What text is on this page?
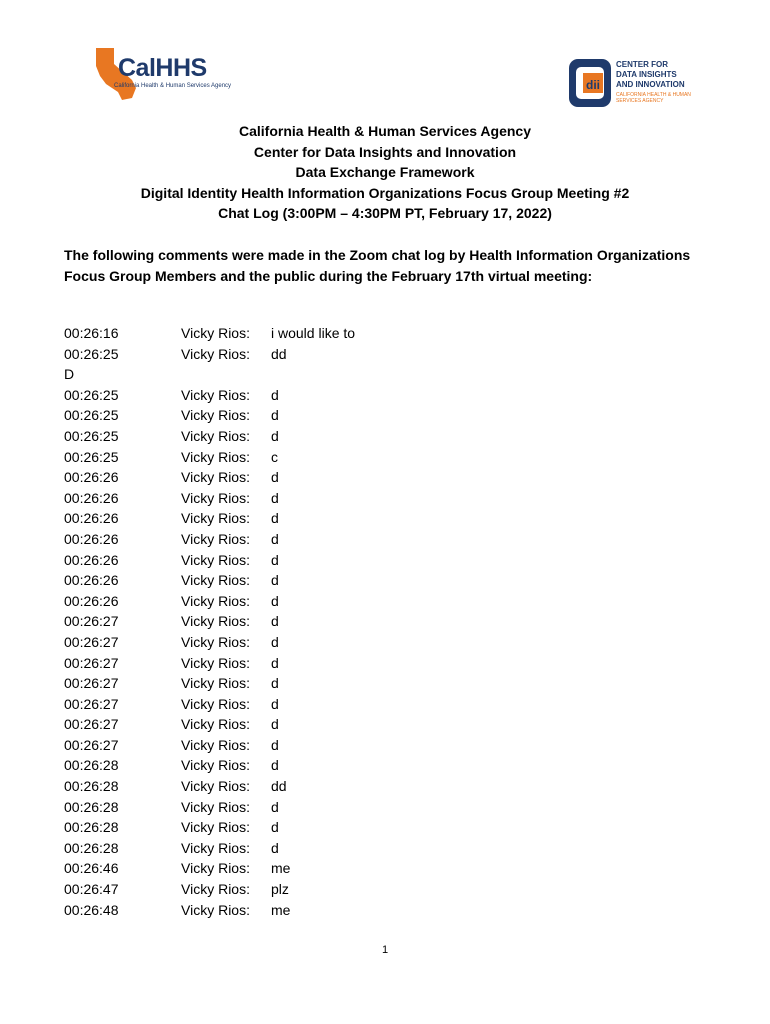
CalHHS
California Health & Human Services Agency	dii
CENTER FOR
DATA INSIGHTS
AND INNOVATION
CALIFORNIA HEALTH & HUMAN
SERVICES AGENCY
California Health & Human Services Agency
Center for Data Insights and Innovation
Data Exchange Framework
Digital Identity Health Information Organizations Focus Group Meeting #2
Chat Log (3:00PM – 4:30PM PT, February 17, 2022)
The following comments were made in the Zoom chat log by Health Information Organizations Focus Group Members and the public during the February 17th virtual meeting:
00:26:16	Vicky Rios: i would like to
00:26:25	Vicky Rios: dd
D
00:26:25	Vicky Rios: d
00:26:25	Vicky Rios: d
00:26:25	Vicky Rios: d
00:26:25	Vicky Rios: c
00:26:26	Vicky Rios: d
00:26:26	Vicky Rios: d
00:26:26	Vicky Rios: d
00:26:26	Vicky Rios: d
00:26:26	Vicky Rios: d
00:26:26	Vicky Rios: d
00:26:26	Vicky Rios: d
00:26:27	Vicky Rios: d
00:26:27	Vicky Rios: d
00:26:27	Vicky Rios: d
00:26:27	Vicky Rios: d
00:26:27	Vicky Rios: d
00:26:27	Vicky Rios: d
00:26:27	Vicky Rios: d
00:26:28	Vicky Rios: d
00:26:28	Vicky Rios: dd
00:26:28	Vicky Rios: d
00:26:28	Vicky Rios: d
00:26:28	Vicky Rios: d
00:26:46	Vicky Rios: me
00:26:47	Vicky Rios: plz
00:26:48	Vicky Rios: me
1
